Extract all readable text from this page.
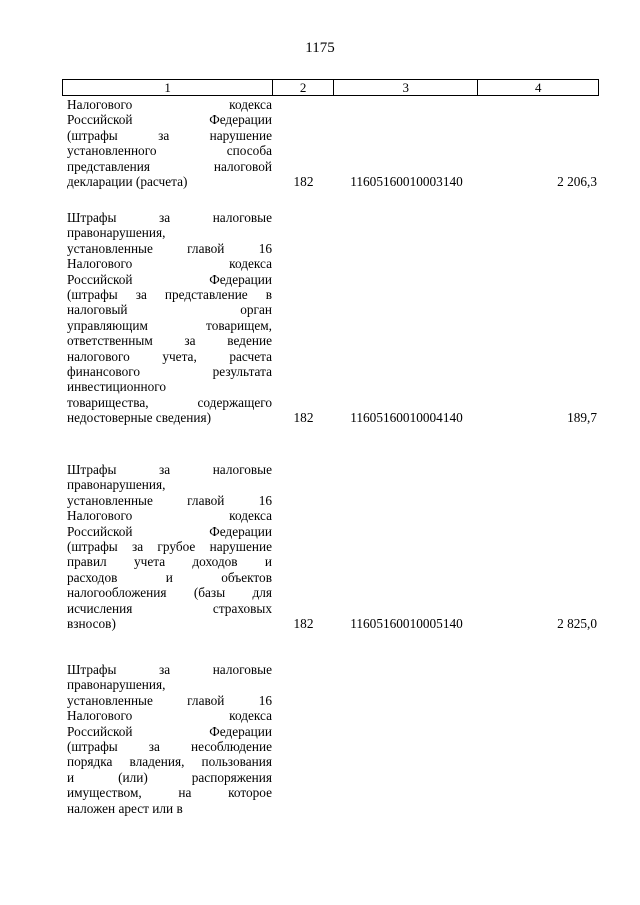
1175
1	2	3	4
Налогового кодекса
Российской Федерации
(штрафы за нарушение
установленного способа
представления налоговой
декларации (расчета)	182	11605160010003140	2 206,3
Штрафы за налоговые
правонарушения,
установленные главой 16
Налогового кодекса
Российской Федерации
(штрафы за представление в
налоговый орган
управляющим товарищем,
ответственным за ведение
налогового учета, расчета
финансового результата
инвестиционного
товарищества, содержащего
недостоверные сведения)	182	11605160010004140	189,7
Штрафы за налоговые
правонарушения,
установленные главой 16
Налогового кодекса
Российской Федерации
(штрафы за грубое нарушение
правил учета доходов и
расходов и объектов
налогообложения (базы для
исчисления страховых
взносов)	182	11605160010005140	2 825,0
Штрафы за налоговые
правонарушения,
установленные главой 16
Налогового кодекса
Российской Федерации
(штрафы за несоблюдение
порядка владения, пользования
и (или) распоряжения
имуществом, на которое
наложен арест или в
